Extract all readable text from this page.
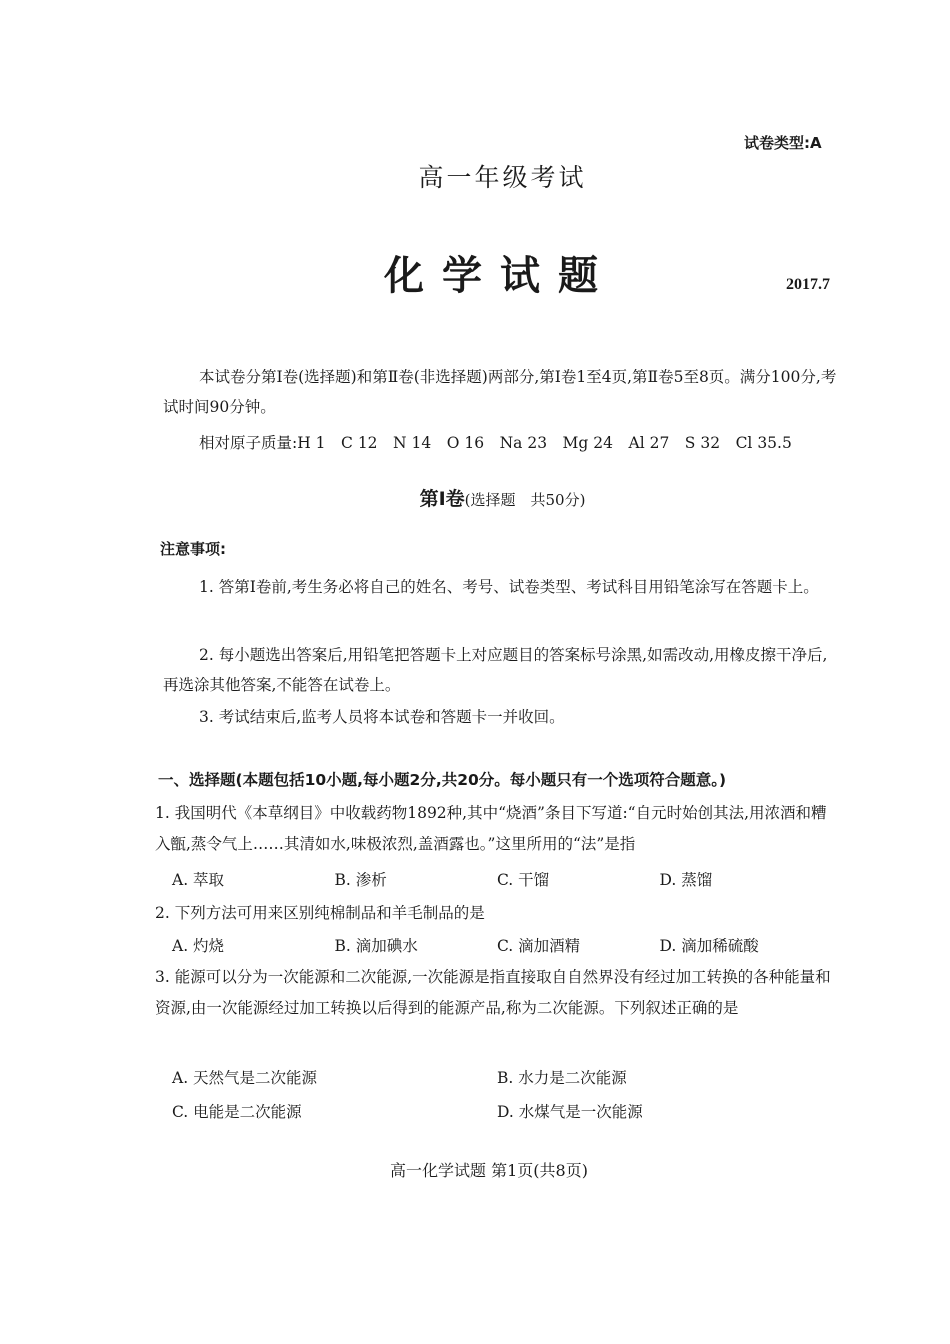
试卷类型:A
高一年级考试
化学试题	2017.7
本试卷分第Ⅰ卷(选择题)和第Ⅱ卷(非选择题)两部分,第Ⅰ卷1至4页,第Ⅱ卷5至8页。满分100分,考试时间90分钟。
相对原子质量:H 1　C 12　N 14　O 16　Na 23　Mg 24　Al 27　S 32　Cl 35.5
第Ⅰ卷(选择题　共50分)
注意事项:
1. 答第Ⅰ卷前,考生务必将自己的姓名、考号、试卷类型、考试科目用铅笔涂写在答题卡上。
2. 每小题选出答案后,用铅笔把答题卡上对应题目的答案标号涂黑,如需改动,用橡皮擦干净后,再选涂其他答案,不能答在试卷上。
3. 考试结束后,监考人员将本试卷和答题卡一并收回。
一、选择题(本题包括10小题,每小题2分,共20分。每小题只有一个选项符合题意。)
1. 我国明代《本草纲目》中收载药物1892种,其中“烧酒”条目下写道:“自元时始创其法,用浓酒和糟入甑,蒸令气上……其清如水,味极浓烈,盖酒露也。”这里所用的“法”是指
A. 萃取	B. 渗析	C. 干馏	D. 蒸馏
2. 下列方法可用来区别纯棉制品和羊毛制品的是
A. 灼烧	B. 滴加碘水	C. 滴加酒精	D. 滴加稀硫酸
3. 能源可以分为一次能源和二次能源,一次能源是指直接取自自然界没有经过加工转换的各种能量和资源,由一次能源经过加工转换以后得到的能源产品,称为二次能源。下列叙述正确的是
A. 天然气是二次能源	B. 水力是二次能源
C. 电能是二次能源	D. 水煤气是一次能源
高一化学试题 第1页(共8页)
